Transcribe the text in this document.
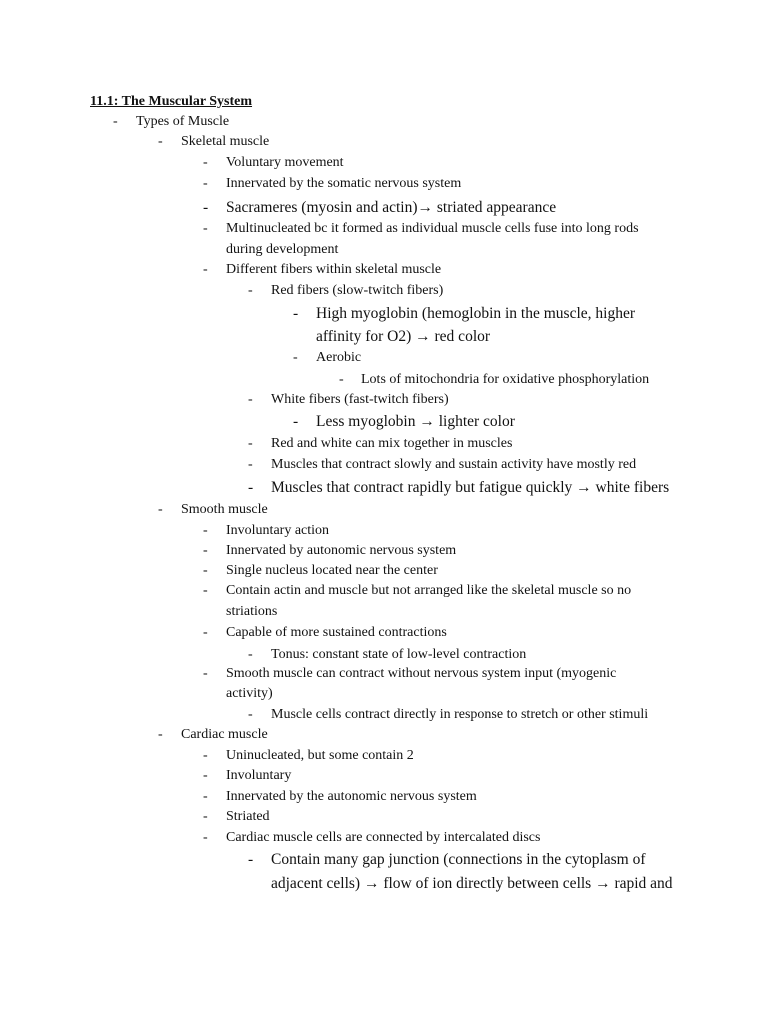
11.1: The Muscular System
- Types of Muscle
- Skeletal muscle
- Voluntary movement
- Innervated by the somatic nervous system
- Sacrameres (myosin and actin)→ striated appearance
- Multinucleated bc it formed as individual muscle cells fuse into long rods
during development
- Different fibers within skeletal muscle
- Red fibers (slow-twitch fibers)
- High myoglobin (hemoglobin in the muscle, higher
affinity for O2) → red color
- Aerobic
- Lots of mitochondria for oxidative phosphorylation
- White fibers (fast-twitch fibers)
- Less myoglobin → lighter color
- Red and white can mix together in muscles
- Muscles that contract slowly and sustain activity have mostly red
- Muscles that contract rapidly but fatigue quickly → white fibers
- Smooth muscle
- Involuntary action
- Innervated by autonomic nervous system
- Single nucleus located near the center
- Contain actin and muscle but not arranged like the skeletal muscle so no
striations
- Capable of more sustained contractions
- Tonus: constant state of low-level contraction
- Smooth muscle can contract without nervous system input (myogenic
activity)
- Muscle cells contract directly in response to stretch or other stimuli
- Cardiac muscle
- Uninucleated, but some contain 2
- Involuntary
- Innervated by the autonomic nervous system
- Striated
- Cardiac muscle cells are connected by intercalated discs
- Contain many gap junction (connections in the cytoplasm of
adjacent cells) → flow of ion directly between cells → rapid and
